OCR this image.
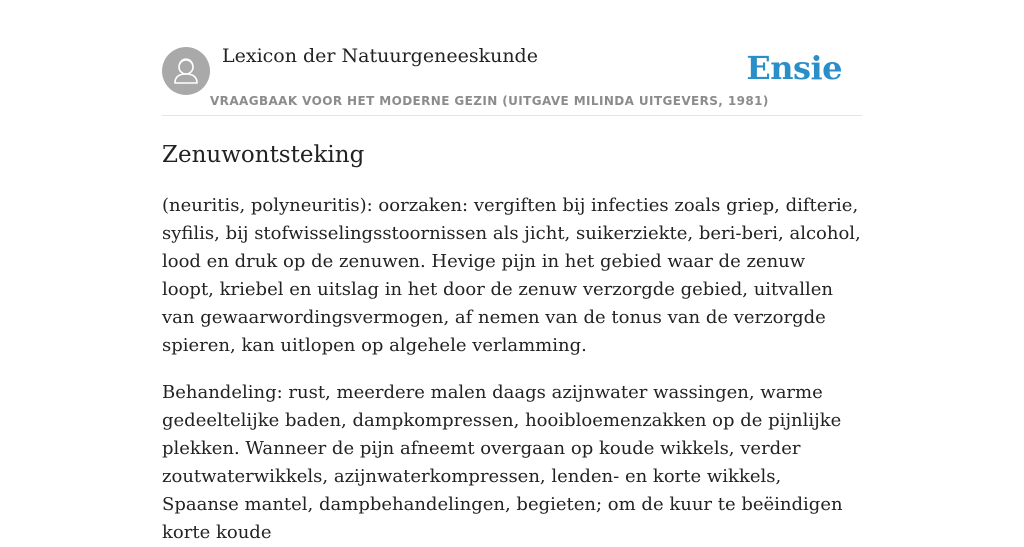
Lexicon der Natuurgeneeskunde
VRAAGBAAK VOOR HET MODERNE GEZIN (UITGAVE MILINDA UITGEVERS, 1981)
Ensie
Zenuwontsteking

(neuritis, polyneuritis): oorzaken: vergiften bij infecties zoals griep, difterie, syfilis, bij stofwisselingsstoornissen als jicht, suikerziekte, beri-beri, alcohol, lood en druk op de zenuwen. Hevige pijn in het gebied waar de zenuw loopt, kriebel en uitslag in het door de zenuw verzorgde gebied, uitvallen van gewaarwordingsvermogen, af nemen van de tonus van de verzorgde spieren, kan uitlopen op algehele verlamming.

Behandeling: rust, meerdere malen daags azijnwater wassingen, warme gedeeltelijke baden, dampkompressen, hooibloemenzakken op de pijnlijke plekken. Wanneer de pijn afneemt overgaan op koude wikkels, verder zoutwaterwikkels, azijnwaterkompressen, lenden- en korte wikkels, Spaanse mantel, dampbehandelingen, begieten; om de kuur te beëindigen korte koude
